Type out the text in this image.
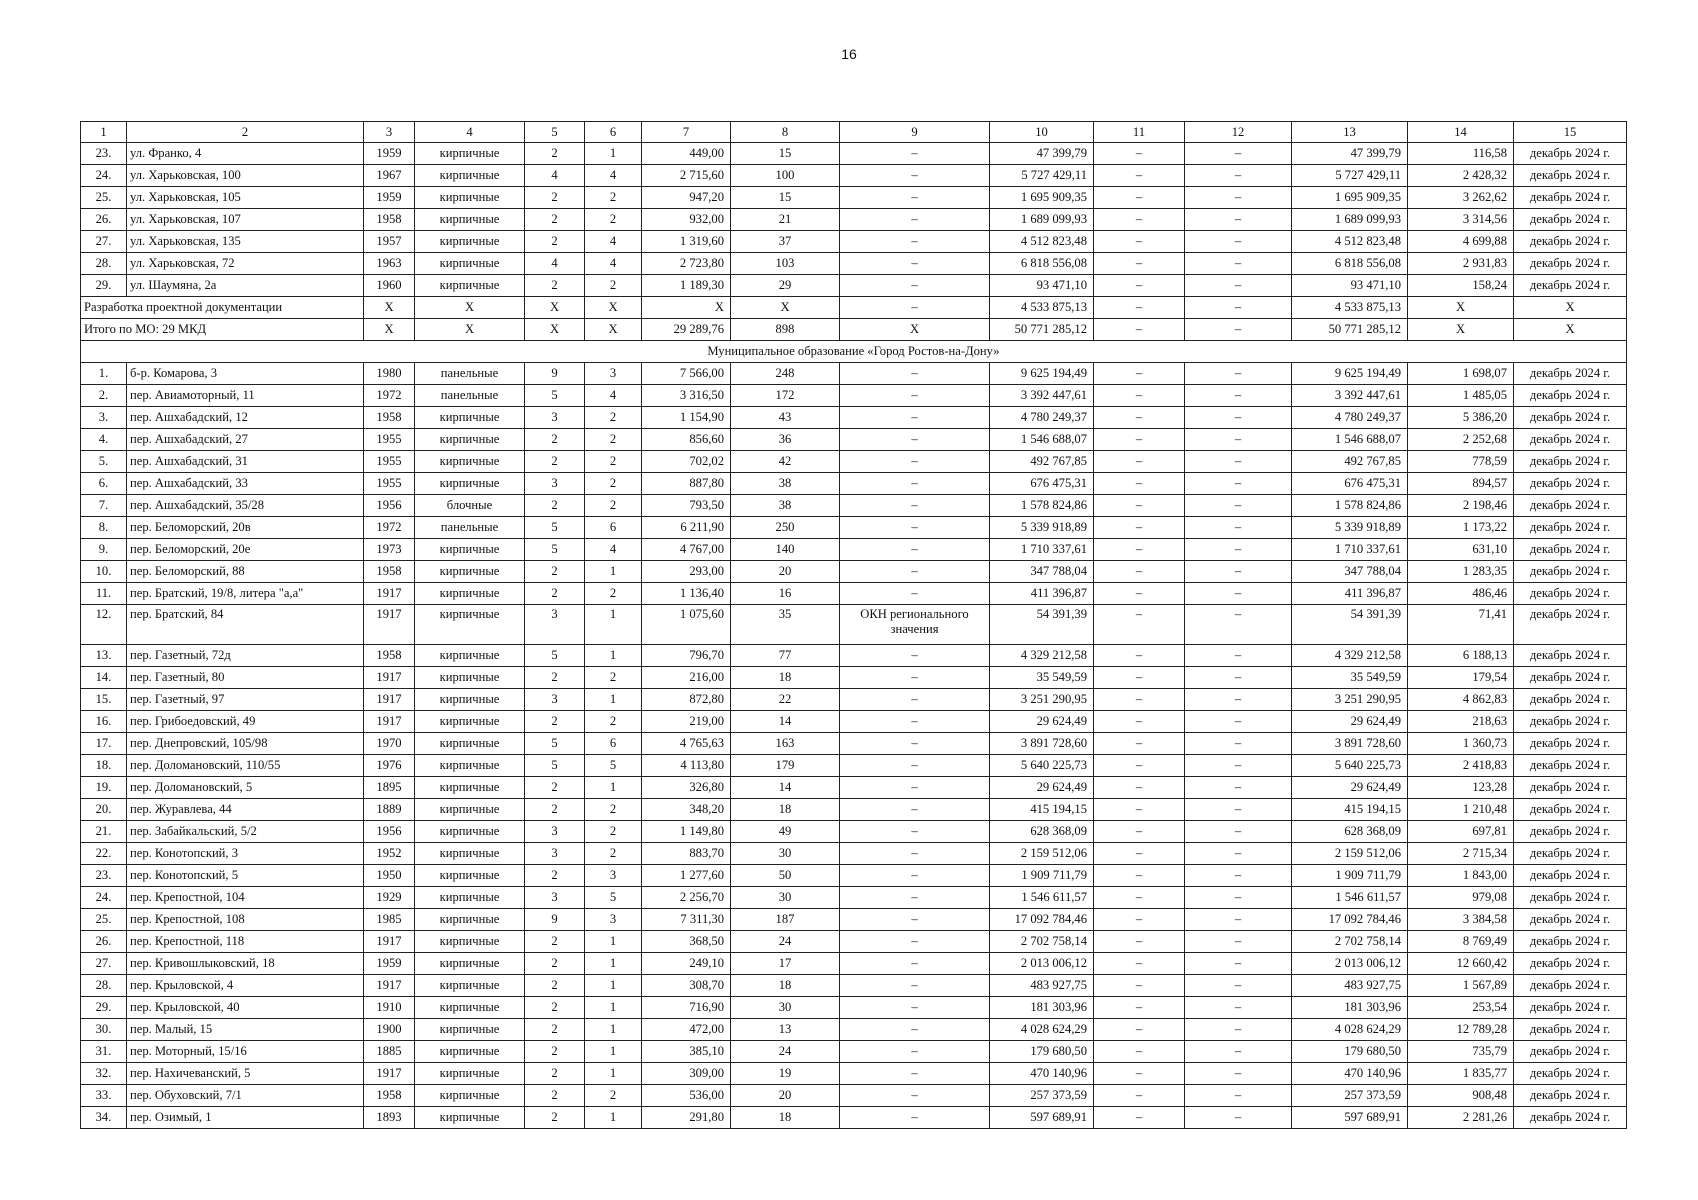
16
1	2	3	4	5	6	7	8	9	10	11	12	13	14	15
23.	ул. Франко, 4	1959	кирпичные	2	1	449,00	15	–	47 399,79	–	–	47 399,79	116,58	декабрь 2024 г.
24.	ул. Харьковская, 100	1967	кирпичные	4	4	2 715,60	100	–	5 727 429,11	–	–	5 727 429,11	2 428,32	декабрь 2024 г.
25.	ул. Харьковская, 105	1959	кирпичные	2	2	947,20	15	–	1 695 909,35	–	–	1 695 909,35	3 262,62	декабрь 2024 г.
26.	ул. Харьковская, 107	1958	кирпичные	2	2	932,00	21	–	1 689 099,93	–	–	1 689 099,93	3 314,56	декабрь 2024 г.
27.	ул. Харьковская, 135	1957	кирпичные	2	4	1 319,60	37	–	4 512 823,48	–	–	4 512 823,48	4 699,88	декабрь 2024 г.
28.	ул. Харьковская, 72	1963	кирпичные	4	4	2 723,80	103	–	6 818 556,08	–	–	6 818 556,08	2 931,83	декабрь 2024 г.
29.	ул. Шаумяна, 2а	1960	кирпичные	2	2	1 189,30	29	–	93 471,10	–	–	93 471,10	158,24	декабрь 2024 г.
Разработка проектной документации		X	X	X	X	X	X	–	4 533 875,13	–	–	4 533 875,13	X	X
Итого по МО: 29 МКД		X	X	X	X	29 289,76	898	X	50 771 285,12	–	–	50 771 285,12	X	X
Муниципальное образование «Город Ростов-на-Дону»														
1.	б-р. Комарова, 3	1980	панельные	9	3	7 566,00	248	–	9 625 194,49	–	–	9 625 194,49	1 698,07	декабрь 2024 г.
2.	пер. Авиамоторный, 11	1972	панельные	5	4	3 316,50	172	–	3 392 447,61	–	–	3 392 447,61	1 485,05	декабрь 2024 г.
3.	пер. Ашхабадский, 12	1958	кирпичные	3	2	1 154,90	43	–	4 780 249,37	–	–	4 780 249,37	5 386,20	декабрь 2024 г.
4.	пер. Ашхабадский, 27	1955	кирпичные	2	2	856,60	36	–	1 546 688,07	–	–	1 546 688,07	2 252,68	декабрь 2024 г.
5.	пер. Ашхабадский, 31	1955	кирпичные	2	2	702,02	42	–	492 767,85	–	–	492 767,85	778,59	декабрь 2024 г.
6.	пер. Ашхабадский, 33	1955	кирпичные	3	2	887,80	38	–	676 475,31	–	–	676 475,31	894,57	декабрь 2024 г.
7.	пер. Ашхабадский, 35/28	1956	блочные	2	2	793,50	38	–	1 578 824,86	–	–	1 578 824,86	2 198,46	декабрь 2024 г.
8.	пер. Беломорский, 20в	1972	панельные	5	6	6 211,90	250	–	5 339 918,89	–	–	5 339 918,89	1 173,22	декабрь 2024 г.
9.	пер. Беломорский, 20е	1973	кирпичные	5	4	4 767,00	140	–	1 710 337,61	–	–	1 710 337,61	631,10	декабрь 2024 г.
10.	пер. Беломорский, 88	1958	кирпичные	2	1	293,00	20	–	347 788,04	–	–	347 788,04	1 283,35	декабрь 2024 г.
11.	пер. Братский, 19/8, литера "а,а"	1917	кирпичные	2	2	1 136,40	16	–	411 396,87	–	–	411 396,87	486,46	декабрь 2024 г.
12.	пер. Братский, 84	1917	кирпичные	3	1	1 075,60	35	ОКН регионального значения	54 391,39	–	–	54 391,39	71,41	декабрь 2024 г.
13.	пер. Газетный, 72д	1958	кирпичные	5	1	796,70	77	–	4 329 212,58	–	–	4 329 212,58	6 188,13	декабрь 2024 г.
14.	пер. Газетный, 80	1917	кирпичные	2	2	216,00	18	–	35 549,59	–	–	35 549,59	179,54	декабрь 2024 г.
15.	пер. Газетный, 97	1917	кирпичные	3	1	872,80	22	–	3 251 290,95	–	–	3 251 290,95	4 862,83	декабрь 2024 г.
16.	пер. Грибоедовский, 49	1917	кирпичные	2	2	219,00	14	–	29 624,49	–	–	29 624,49	218,63	декабрь 2024 г.
17.	пер. Днепровский, 105/98	1970	кирпичные	5	6	4 765,63	163	–	3 891 728,60	–	–	3 891 728,60	1 360,73	декабрь 2024 г.
18.	пер. Доломановский, 110/55	1976	кирпичные	5	5	4 113,80	179	–	5 640 225,73	–	–	5 640 225,73	2 418,83	декабрь 2024 г.
19.	пер. Доломановский, 5	1895	кирпичные	2	1	326,80	14	–	29 624,49	–	–	29 624,49	123,28	декабрь 2024 г.
20.	пер. Журавлева, 44	1889	кирпичные	2	2	348,20	18	–	415 194,15	–	–	415 194,15	1 210,48	декабрь 2024 г.
21.	пер. Забайкальский, 5/2	1956	кирпичные	3	2	1 149,80	49	–	628 368,09	–	–	628 368,09	697,81	декабрь 2024 г.
22.	пер. Конотопский, 3	1952	кирпичные	3	2	883,70	30	–	2 159 512,06	–	–	2 159 512,06	2 715,34	декабрь 2024 г.
23.	пер. Конотопский, 5	1950	кирпичные	2	3	1 277,60	50	–	1 909 711,79	–	–	1 909 711,79	1 843,00	декабрь 2024 г.
24.	пер. Крепостной, 104	1929	кирпичные	3	5	2 256,70	30	–	1 546 611,57	–	–	1 546 611,57	979,08	декабрь 2024 г.
25.	пер. Крепостной, 108	1985	кирпичные	9	3	7 311,30	187	–	17 092 784,46	–	–	17 092 784,46	3 384,58	декабрь 2024 г.
26.	пер. Крепостной, 118	1917	кирпичные	2	1	368,50	24	–	2 702 758,14	–	–	2 702 758,14	8 769,49	декабрь 2024 г.
27.	пер. Кривошлыковский, 18	1959	кирпичные	2	1	249,10	17	–	2 013 006,12	–	–	2 013 006,12	12 660,42	декабрь 2024 г.
28.	пер. Крыловской, 4	1917	кирпичные	2	1	308,70	18	–	483 927,75	–	–	483 927,75	1 567,89	декабрь 2024 г.
29.	пер. Крыловской, 40	1910	кирпичные	2	1	716,90	30	–	181 303,96	–	–	181 303,96	253,54	декабрь 2024 г.
30.	пер. Малый, 15	1900	кирпичные	2	1	472,00	13	–	4 028 624,29	–	–	4 028 624,29	12 789,28	декабрь 2024 г.
31.	пер. Моторный, 15/16	1885	кирпичные	2	1	385,10	24	–	179 680,50	–	–	179 680,50	735,79	декабрь 2024 г.
32.	пер. Нахичеванский, 5	1917	кирпичные	2	1	309,00	19	–	470 140,96	–	–	470 140,96	1 835,77	декабрь 2024 г.
33.	пер. Обуховский, 7/1	1958	кирпичные	2	2	536,00	20	–	257 373,59	–	–	257 373,59	908,48	декабрь 2024 г.
34.	пер. Озимый, 1	1893	кирпичные	2	1	291,80	18	–	597 689,91	–	–	597 689,91	2 281,26	декабрь 2024 г.
